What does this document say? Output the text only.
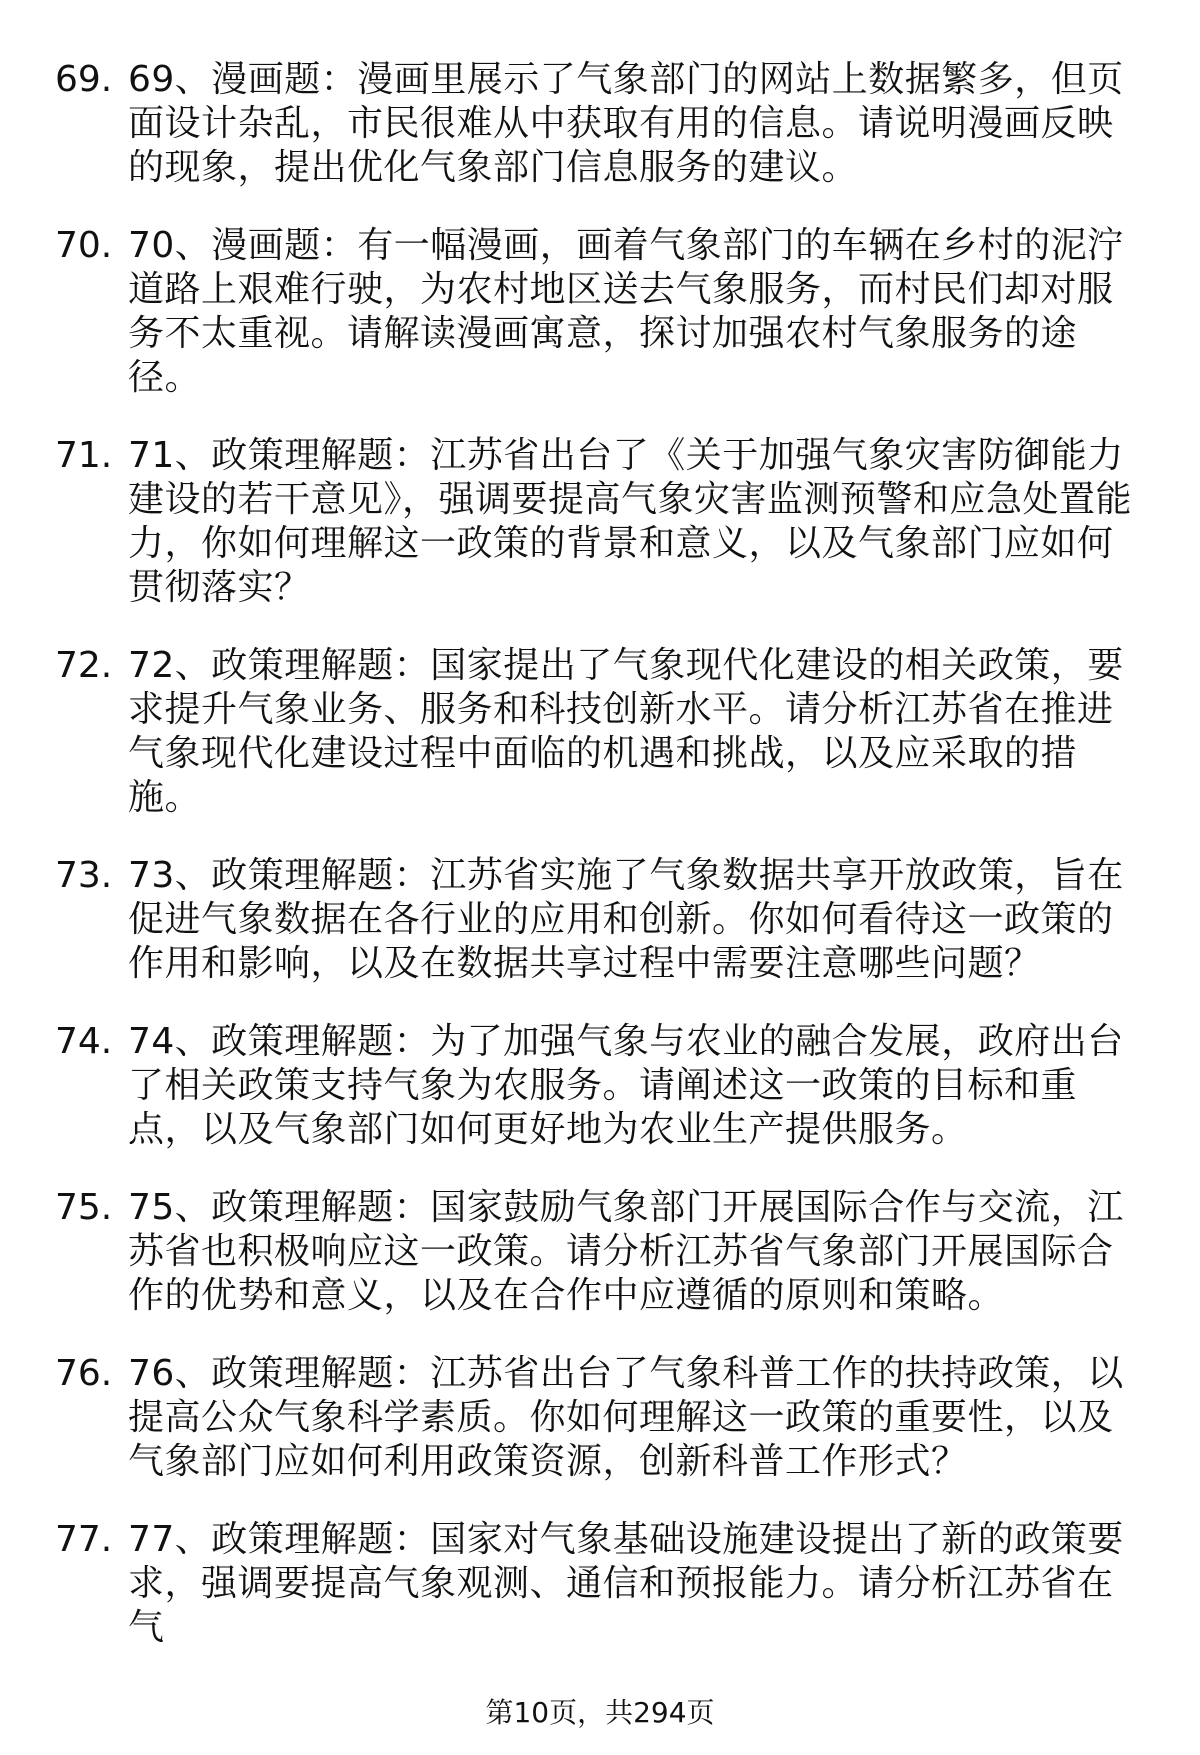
69. 69、漫画题：漫画里展示了气象部门的网站上数据繁多，但页面设计杂乱，市民很难从中获取有用的信息。请说明漫画反映的现象，提出优化气象部门信息服务的建议。
70. 70、漫画题：有一幅漫画，画着气象部门的车辆在乡村的泥泞道路上艰难行驶，为农村地区送去气象服务，而村民们却对服务不太重视。请解读漫画寓意，探讨加强农村气象服务的途径。
71. 71、政策理解题：江苏省出台了《关于加强气象灾害防御能力建设的若干意见》，强调要提高气象灾害监测预警和应急处置能力，你如何理解这一政策的背景和意义，以及气象部门应如何贯彻落实？
72. 72、政策理解题：国家提出了气象现代化建设的相关政策，要求提升气象业务、服务和科技创新水平。请分析江苏省在推进气象现代化建设过程中面临的机遇和挑战，以及应采取的措施。
73. 73、政策理解题：江苏省实施了气象数据共享开放政策，旨在促进气象数据在各行业的应用和创新。你如何看待这一政策的作用和影响，以及在数据共享过程中需要注意哪些问题？
74. 74、政策理解题：为了加强气象与农业的融合发展，政府出台了相关政策支持气象为农服务。请阐述这一政策的目标和重点，以及气象部门如何更好地为农业生产提供服务。
75. 75、政策理解题：国家鼓励气象部门开展国际合作与交流，江苏省也积极响应这一政策。请分析江苏省气象部门开展国际合作的优势和意义，以及在合作中应遵循的原则和策略。
76. 76、政策理解题：江苏省出台了气象科普工作的扶持政策，以提高公众气象科学素质。你如何理解这一政策的重要性，以及气象部门应如何利用政策资源，创新科普工作形式？
77. 77、政策理解题：国家对气象基础设施建设提出了新的政策要求，强调要提高气象观测、通信和预报能力。请分析江苏省在气
第10页，共294页
